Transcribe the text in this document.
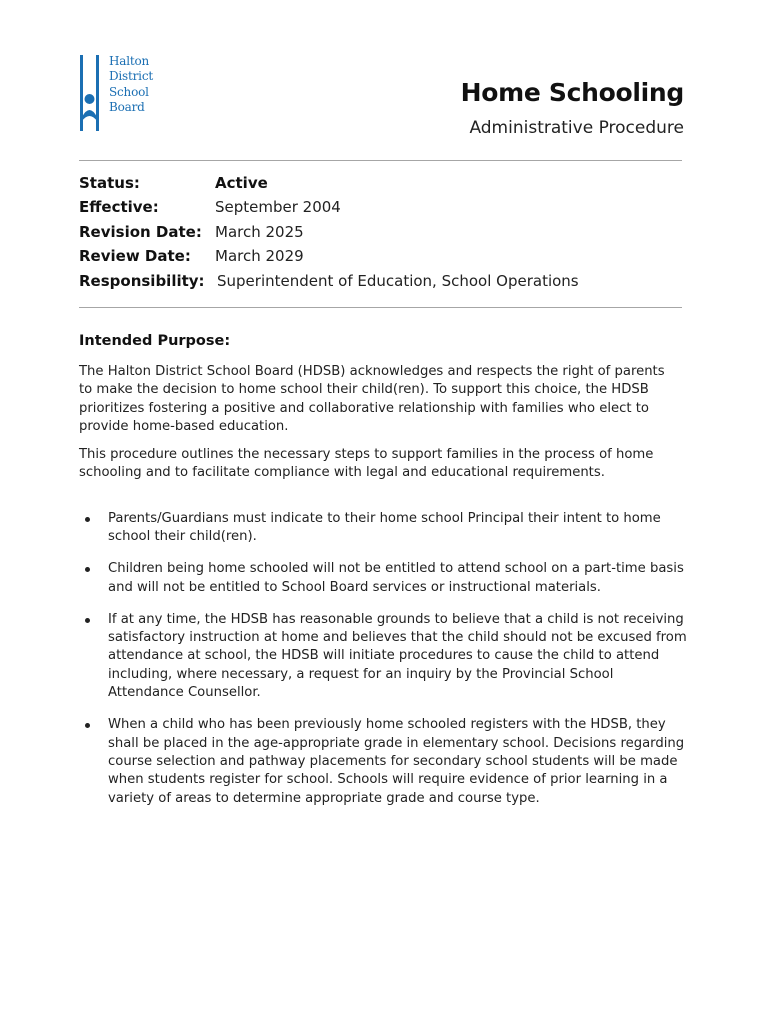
Halton
District
School
Board	Home Schooling
Administrative Procedure
Status:	Active
Effective:	September 2004
Revision Date: March 2025
Review Date: March 2029
Responsibility: Superintendent of Education, School Operations
Intended Purpose:

The Halton District School Board (HDSB) acknowledges and respects the right of parents to make the decision to home school their child(ren). To support this choice, the HDSB prioritizes fostering a positive and collaborative relationship with families who elect to provide home-based education.

This procedure outlines the necessary steps to support families in the process of home schooling and to facilitate compliance with legal and educational requirements.

Parents/Guardians must indicate to their home school Principal their intent to home school their child(ren).
Children being home schooled will not be entitled to attend school on a part-time basis and will not be entitled to School Board services or instructional materials.
If at any time, the HDSB has reasonable grounds to believe that a child is not receiving satisfactory instruction at home and believes that the child should not be excused from attendance at school, the HDSB will initiate procedures to cause the child to attend including, where necessary, a request for an inquiry by the Provincial School Attendance Counsellor.
When a child who has been previously home schooled registers with the HDSB, they shall be placed in the age-appropriate grade in elementary school. Decisions regarding course selection and pathway placements for secondary school students will be made when students register for school. Schools will require evidence of prior learning in a variety of areas to determine appropriate grade and course type.
